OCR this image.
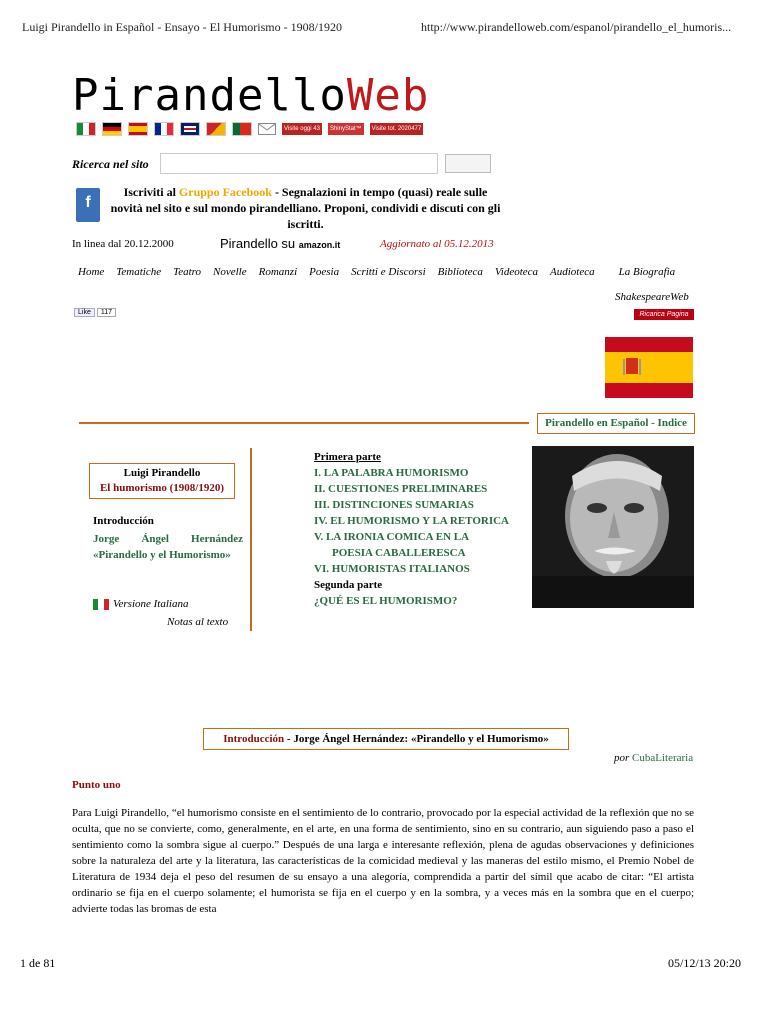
Luigi Pirandello in Español - Ensayo - El Humorismo - 1908/1920	http://www.pirandelloweb.com/espanol/pirandello_el_humoris...
PirandelloWeb
Visite oggi 43	ShinyStat™	Visite tot. 2020477
Ricerca nel sito
f
Iscriviti al Gruppo Facebook - Segnalazioni in tempo (quasi) reale sulle novità nel sito e sul mondo pirandelliano. Proponi, condividi e discuti con gli iscritti.
In linea dal 20.12.2000	Pirandello su amazon.it	Aggiornato al 05.12.2013
Home Tematiche Teatro Novelle Romanzi Poesia Scritti e Discorsi Biblioteca Videoteca Audioteca La Biografia
ShakespeareWeb
Like 117	Ricarica Pagina
Pirandello en Español - Indice
Luigi Pirandello
El humorismo (1908/1920)
Introducción
Jorge Ángel Hernández «Pirandello y el Humorismo»
Versione Italiana
Notas al texto
Primera parte
I. LA PALABRA HUMORISMO
II. CUESTIONES PRELIMINARES
III. DISTINCIONES SUMARIAS
IV. EL HUMORISMO Y LA RETORICA
V. LA IRONIA COMICA EN LA
POESIA CABALLERESCA
VI. HUMORISTAS ITALIANOS
Segunda parte
¿QUÉ ES EL HUMORISMO?
Introducción - Jorge Ángel Hernández: «Pirandello y el Humorismo»
por CubaLiteraria
Punto uno
Para Luigi Pirandello, “el humorismo consiste en el sentimiento de lo contrario, provocado por la especial actividad de la reflexión que no se oculta, que no se convierte, como, generalmente, en el arte, en una forma de sentimiento, sino en su contrario, aun siguiendo paso a paso el sentimiento como la sombra sigue al cuerpo.” Después de una larga e interesante reflexión, plena de agudas observaciones y definiciones sobre la naturaleza del arte y la literatura, las características de la comicidad medieval y las maneras del estilo mismo, el Premio Nobel de Literatura de 1934 deja el peso del resumen de su ensayo a una alegoría, comprendida a partir del símil que acabo de citar: “El artista ordinario se fija en el cuerpo solamente; el humorista se fija en el cuerpo y en la sombra, y a veces más en la sombra que en el cuerpo; advierte todas las bromas de esta
1 de 81	05/12/13 20:20
